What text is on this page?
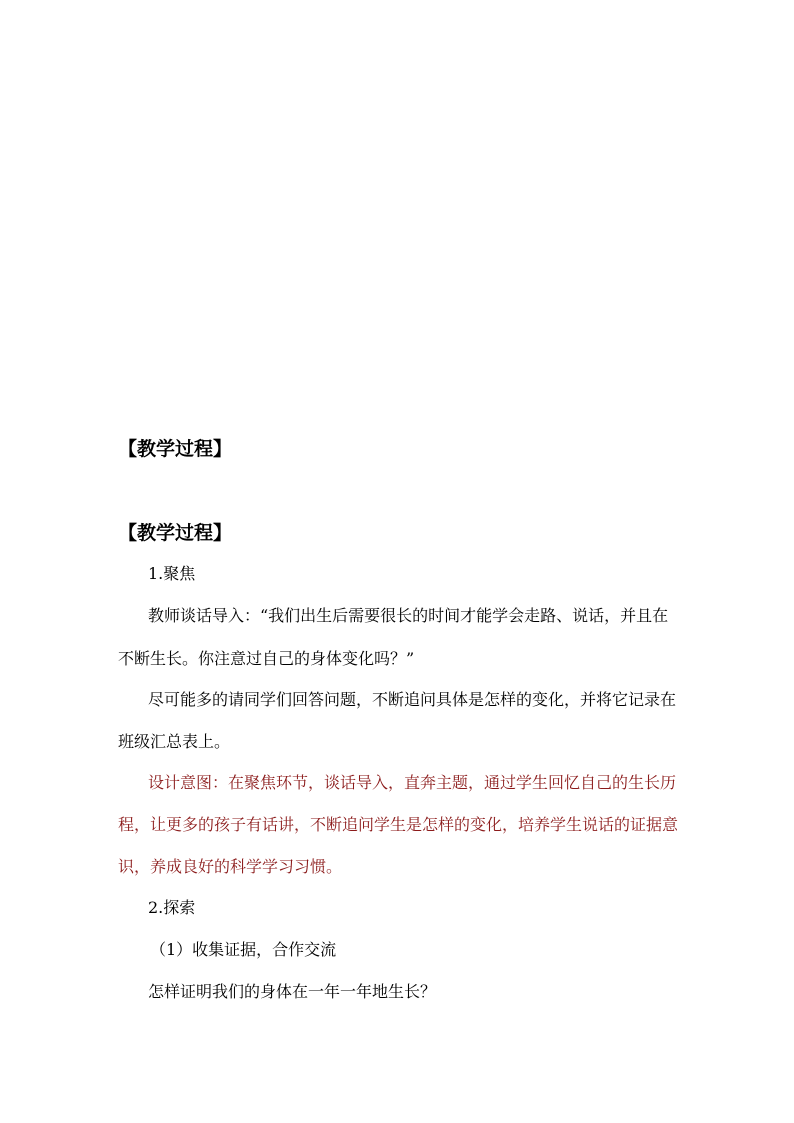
【教学过程】
【教学过程】
1.聚焦
教师谈话导入：“我们出生后需要很长的时间才能学会走路、说话，并且在
不断生长。你注意过自己的身体变化吗？”
尽可能多的请同学们回答问题，不断追问具体是怎样的变化，并将它记录在
班级汇总表上。
设计意图：在聚焦环节，谈话导入，直奔主题，通过学生回忆自己的生长历
程，让更多的孩子有话讲，不断追问学生是怎样的变化，培养学生说话的证据意
识，养成良好的科学学习习惯。
2.探索
（1）收集证据，合作交流
怎样证明我们的身体在一年一年地生长？
